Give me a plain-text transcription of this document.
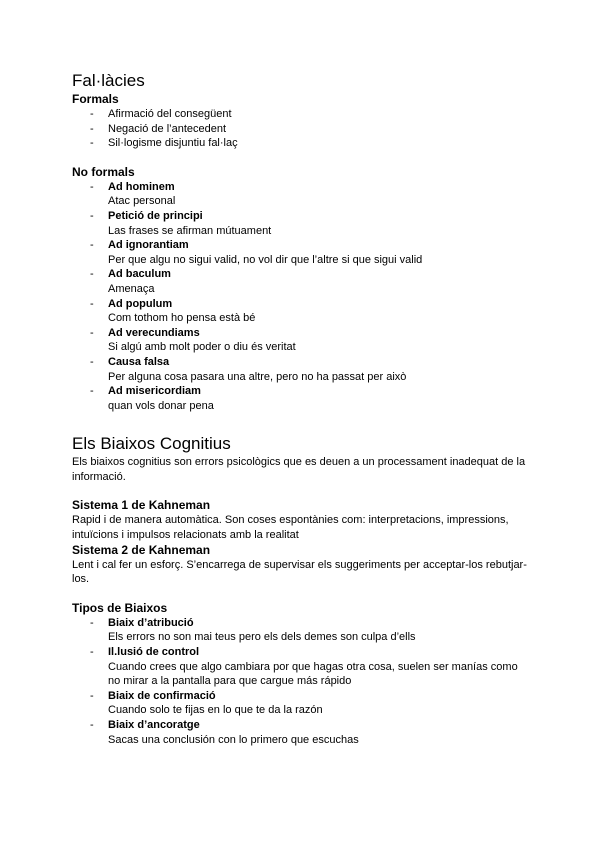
Fal·làcies
Formals
- Afirmació del consegüent
- Negació de l’antecedent
- Sil·logisme disjuntiu fal·laç
No formals
- Ad hominem
Atac personal
- Petició de principi
Las frases se afirman mútuament
- Ad ignorantiam
Per que algu no sigui valid, no vol dir que l’altre si que sigui valid
- Ad baculum
Amenaça
- Ad populum
Com tothom ho pensa està bé
- Ad verecundiams
Si algú amb molt poder o diu és veritat
- Causa falsa
Per alguna cosa pasara una altre, pero no ha passat per això
- Ad misericordiam
quan vols donar pena
Els Biaixos Cognitius

Els biaixos cognitius son errors psicològics que es deuen a un processament inadequat de la informació.

Sistema 1 de Kahneman

Rapid i de manera automàtica. Son coses espontànies com: interpretacions, impressions, intuïcions i impulsos relacionats amb la realitat

Sistema 2 de Kahneman

Lent i cal fer un esforç. S’encarrega de supervisar els suggeriments per acceptar-los rebutjar-los.

Tipos de Biaixos
- Biaix d’atribució
Els errors no son mai teus pero els dels demes son culpa d’ells
- Il.lusió de control
Cuando crees que algo cambiara por que hagas otra cosa, suelen ser manías como no mirar a la pantalla para que cargue más rápido
- Biaix de confirmació
Cuando solo te fijas en lo que te da la razón
- Biaix d’ancoratge
Sacas una conclusión con lo primero que escuchas
